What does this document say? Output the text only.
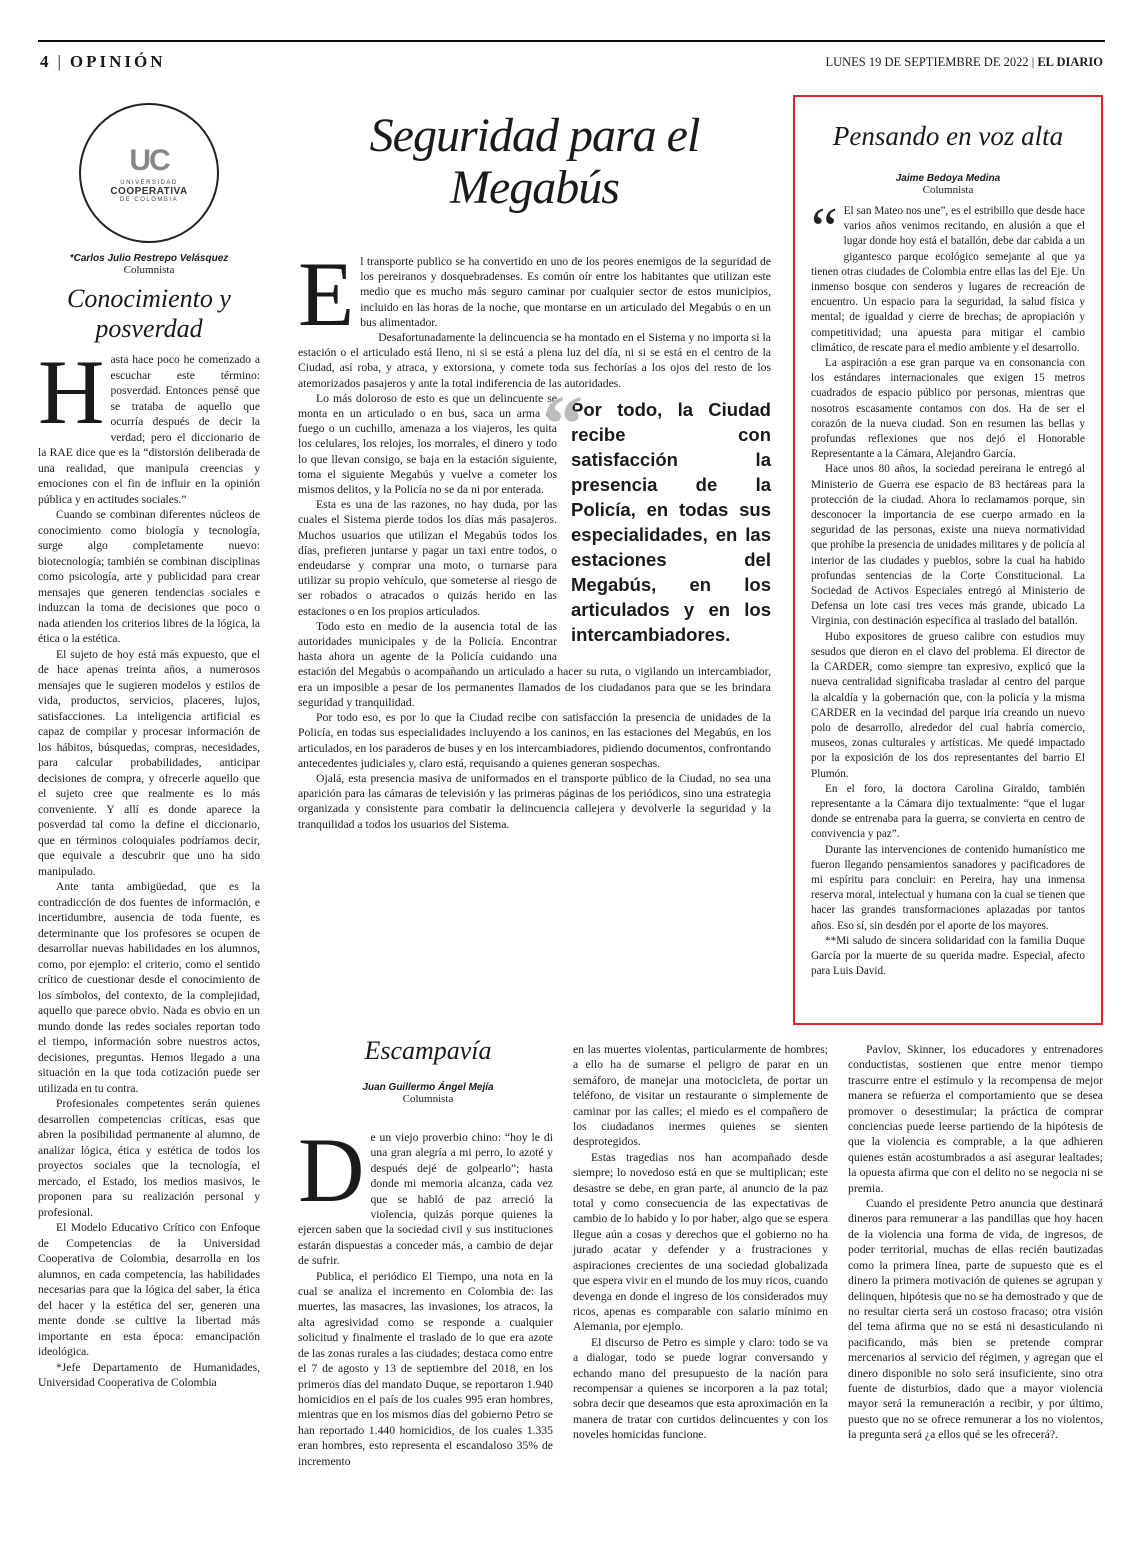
4 | OPINIÓN	LUNES 19 DE SEPTIEMBRE DE 2022 | EL DIARIO
UC
UNIVERSIDAD
COOPERATIVA
DE COLOMBIA
*Carlos Julio Restrepo Velásquez
Columnista
Conocimiento y posverdad

Hasta hace poco he comenzado a escuchar este término: posverdad. Entonces pensé que se trataba de aquello que ocurría después de decir la verdad; pero el diccionario de la RAE dice que es la “distorsión deliberada de una realidad, que manipula creencias y emociones con el fin de influir en la opinión pública y en actitudes sociales.”

Cuando se combinan diferentes núcleos de conocimiento como biología y tecnología, surge algo completamente nuevo: biotecnología; también se combinan disciplinas como psicología, arte y publicidad para crear mensajes que generen tendencias sociales e induzcan la toma de decisiones que poco o nada atienden los criterios libres de la lógica, la ética o la estética.

El sujeto de hoy está más expuesto, que el de hace apenas treinta años, a numerosos mensajes que le sugieren modelos y estilos de vida, productos, servicios, placeres, lujos, satisfacciones. La inteligencia artificial es capaz de compilar y procesar información de los hábitos, búsquedas, compras, necesidades, para calcular probabilidades, anticipar decisiones de compra, y ofrecerle aquello que el sujeto cree que realmente es lo más conveniente. Y allí es donde aparece la posverdad tal como la define el diccionario, que en términos coloquiales podríamos decir, que equivale a descubrir que uno ha sido manipulado.

Ante tanta ambigüedad, que es la contradicción de dos fuentes de información, e incertidumbre, ausencia de toda fuente, es determinante que los profesores se ocupen de desarrollar nuevas habilidades en los alumnos, como, por ejemplo: el criterio, como el sentido crítico de cuestionar desde el conocimiento de los símbolos, del contexto, de la complejidad, aquello que parece obvio. Nada es obvio en un mundo donde las redes sociales reportan todo el tiempo, información sobre nuestros actos, decisiones, preguntas. Hemos llegado a una situación en la que toda cotización puede ser utilizada en tu contra.

Profesionales competentes serán quienes desarrollen competencias críticas, esas que abren la posibilidad permanente al alumno, de analizar lógica, ética y estética de todos los proyectos sociales que la tecnología, el mercado, el Estado, los medios masivos, le proponen para su realización personal y profesional.

El Modelo Educativo Crítico con Enfoque de Competencias de la Universidad Cooperativa de Colombia, desarrolla en los alumnos, en cada competencia, las habilidades necesarias para que la lógica del saber, la ética del hacer y la estética del ser, generen una mente donde se cultive la libertad más importante en esta época: emancipación ideológica.

*Jefe Departamento de Humanidades, Universidad Cooperativa de Colombia

Seguridad para el Megabús

El transporte publico se ha convertido en uno de los peores enemigos de la seguridad de los pereiranos y dosquebradenses. Es común oír entre los habitantes que utilizan este medio que es mucho más seguro caminar por cualquier sector de estos municipios, incluido en las horas de la noche, que montarse en un articulado del Megabús o en un bus alimentador.

Desafortunadamente la delincuencia se ha montado en el Sistema y no importa si la estación o el articulado está lleno, ni si se está a plena luz del día, ni si se está en el centro de la Ciudad, así roba, y atraca, y extorsiona, y comete toda sus fechorías a los ojos del resto de los atemorizados pasajeros y ante la total indiferencia de las autoridades.

“
Por todo, la Ciudad recibe con satisfacción la presencia de la Policía, en todas sus especialidades, en las estaciones del Megabús, en los articulados y en los intercambiadores.

Lo más doloroso de esto es que un delincuente se monta en un articulado o en bus, saca un arma de fuego o un cuchillo, amenaza a los viajeros, les quita los celulares, los relojes, los morrales, el dinero y todo lo que llevan consigo, se baja en la estación siguiente, toma el siguiente Megabús y vuelve a cometer los mismos delitos, y la Policía no se da ni por enterada.

Esta es una de las razones, no hay duda, por las cuales el Sistema pierde todos los días más pasajeros. Muchos usuarios que utilizan el Megabús todos los días, prefieren juntarse y pagar un taxi entre todos, o endeudarse y comprar una moto, o turnarse para utilizar su propio vehículo, que someterse al riesgo de ser robados o atracados o quizás herido en las estaciones o en los propios articulados.

Todo esto en medio de la ausencia total de las autoridades municipales y de la Policía. Encontrar hasta ahora un agente de la Policía cuidando una estación del Megabús o acompañando un articulado a hacer su ruta, o vigilando un intercambiador, era un imposible a pesar de los permanentes llamados de los ciudadanos para que se les brindara seguridad y tranquilidad.

Por todo eso, es por lo que la Ciudad recibe con satisfacción la presencia de unidades de la Policía, en todas sus especialidades incluyendo a los caninos, en las estaciones del Megabús, en los articulados, en los paraderos de buses y en los intercambiadores, pidiendo documentos, confrontando antecedentes judiciales y, claro está, requisando a quienes generan sospechas.

Ojalá, esta presencia masiva de uniformados en el transporte público de la Ciudad, no sea una aparición para las cámaras de televisión y las primeras páginas de los periódicos, sino una estrategia organizada y consistente para combatir la delincuencia callejera y devolverle la seguridad y la tranquilidad a todos los usuarios del Sistema.

Pensando en voz alta
Jaime Bedoya Medina
Columnista

“ El san Mateo nos une”, es el estribillo que desde hace varios años venimos recitando, en alusión a que el lugar donde hoy está el batallón, debe dar cabida a un gigantesco parque ecológico semejante al que ya tienen otras ciudades de Colombia entre ellas las del Eje. Un inmenso bosque con senderos y lugares de recreación de encuentro. Un espacio para la seguridad, la salud física y mental; de igualdad y cierre de brechas; de apropiación y competitividad; una apuesta para mitigar el cambio climático, de rescate para el medio ambiente y el desarrollo.

La aspiración a ese gran parque va en consonancia con los estándares internacionales que exigen 15 metros cuadrados de espacio público por personas, mientras que nosotros escasamente contamos con dos. Ha de ser el corazón de la nueva ciudad. Son en resumen las bellas y profundas reflexiones que nos dejó el Honorable Representante a la Cámara, Alejandro García.

Hace unos 80 años, la sociedad pereirana le entregó al Ministerio de Guerra ese espacio de 83 hectáreas para la protección de la ciudad. Ahora lo reclamamos porque, sin desconocer la importancia de ese cuerpo armado en la seguridad de las personas, existe una nueva normatividad que prohíbe la presencia de unidades militares y de policía al interior de las ciudades y pueblos, sobre la cual ha habido profundas sentencias de la Corte Constitucional. La Sociedad de Activos Especiales entregó al Ministerio de Defensa un lote casi tres veces más grande, ubicado La Virginia, con destinación específica al traslado del batallón.

Hubo expositores de grueso calibre con estudios muy sesudos que dieron en el clavo del problema. El director de la CARDER, como siempre tan expresivo, explicó que la nueva centralidad significaba trasladar al centro del parque la alcaldía y la gobernación que, con la policía y la misma CARDER en la vecindad del parque iría creando un nuevo polo de desarrollo, alrededor del cual habría comercio, museos, zonas culturales y artísticas. Me quedé impactado por la exposición de los dos representantes del barrio El Plumón.

En el foro, la doctora Carolina Giraldo, también representante a la Cámara dijo textualmente: “que el lugar donde se entrenaba para la guerra, se convierta en centro de convivencia y paz”.

Durante las intervenciones de contenido humanístico me fueron llegando pensamientos sanadores y pacificadores de mi espíritu para concluir: en Pereira, hay una inmensa reserva moral, intelectual y humana con la cual se tienen que hacer las grandes transformaciones aplazadas por tantos años. Eso sí, sin desdén por el aporte de los mayores.

**Mi saludo de sincera solidaridad con la familia Duque García por la muerte de su querida madre. Especial, afecto para Luis David.

Escampavía
Juan Guillermo Ángel Mejía
Columnista

De un viejo proverbio chino: “hoy le di una gran alegría a mi perro, lo azoté y después dejé de golpearlo”; hasta donde mi memoria alcanza, cada vez que se habló de paz arreció la violencia, quizás porque quienes la ejercen saben que la sociedad civil y sus instituciones estarán dispuestas a conceder más, a cambio de dejar de sufrir.

Publica, el periódico El Tiempo, una nota en la cual se analiza el incremento en Colombia de: las muertes, las masacres, las invasiones, los atracos, la alta agresividad como se responde a cualquier solicitud y finalmente el traslado de lo que era azote de las zonas rurales a las ciudades; destaca como entre el 7 de agosto y 13 de septiembre del 2018, en los primeros días del mandato Duque, se reportaron 1.940 homicidios en el país de los cuales 995 eran hombres, mientras que en los mismos días del gobierno Petro se han reportado 1.440 homicidios, de los cuales 1.335 eran hombres, esto representa el escandaloso 35% de incremento

en las muertes violentas, particularmente de hombres; a ello ha de sumarse el peligro de parar en un semáforo, de manejar una motocicleta, de portar un teléfono, de visitar un restaurante o simplemente de caminar por las calles; el miedo es el compañero de los ciudadanos inermes quienes se sienten desprotegidos.

Estas tragedias nos han acompañado desde siempre; lo novedoso está en que se multiplican; este desastre se debe, en gran parte, al anuncio de la paz total y como consecuencia de las expectativas de cambio de lo habido y lo por haber, algo que se espera llegue aún a cosas y derechos que el gobierno no ha jurado acatar y defender y a frustraciones y aspiraciones crecientes de una sociedad globalizada que espera vivir en el mundo de los muy ricos, cuando devenga en donde el ingreso de los considerados muy ricos, apenas es comparable con salario mínimo en Alemania, por ejemplo.

El discurso de Petro es simple y claro: todo se va a dialogar, todo se puede lograr conversando y echando mano del presupuesto de la nación para recompensar a quienes se incorporen a la paz total; sobra decir que deseamos que esta aproximación en la manera de tratar con curtidos delincuentes y con los noveles homicidas funcione.

Pavlov, Skinner, los educadores y entrenadores conductistas, sostienen que entre menor tiempo trascurre entre el estímulo y la recompensa de mejor manera se refuerza el comportamiento que se desea promover o desestimular; la práctica de comprar conciencias puede leerse partiendo de la hipótesis de que la violencia es comprable, a la que adhieren quienes están acostumbrados a así asegurar lealtades; la opuesta afirma que con el delito no se negocia ni se premia.

Cuando el presidente Petro anuncia que destinará dineros para remunerar a las pandillas que hoy hacen de la violencia una forma de vida, de ingresos, de poder territorial, muchas de ellas recién bautizadas como la primera línea, parte de supuesto que es el dinero la primera motivación de quienes se agrupan y delinquen, hipótesis que no se ha demostrado y que de no resultar cierta será un costoso fracaso; otra visión del tema afirma que no se está ni desasticulando ni pacificando, más bien se pretende comprar mercenarios al servicio del régimen, y agregan que el dinero disponible no solo será insuficiente, sino otra fuente de disturbios, dado que a mayor violencia mayor será la remuneración a recibir, y por último, puesto que no se ofrece remunerar a los no violentos, la pregunta será ¿a ellos qué se les ofrecerá?.
